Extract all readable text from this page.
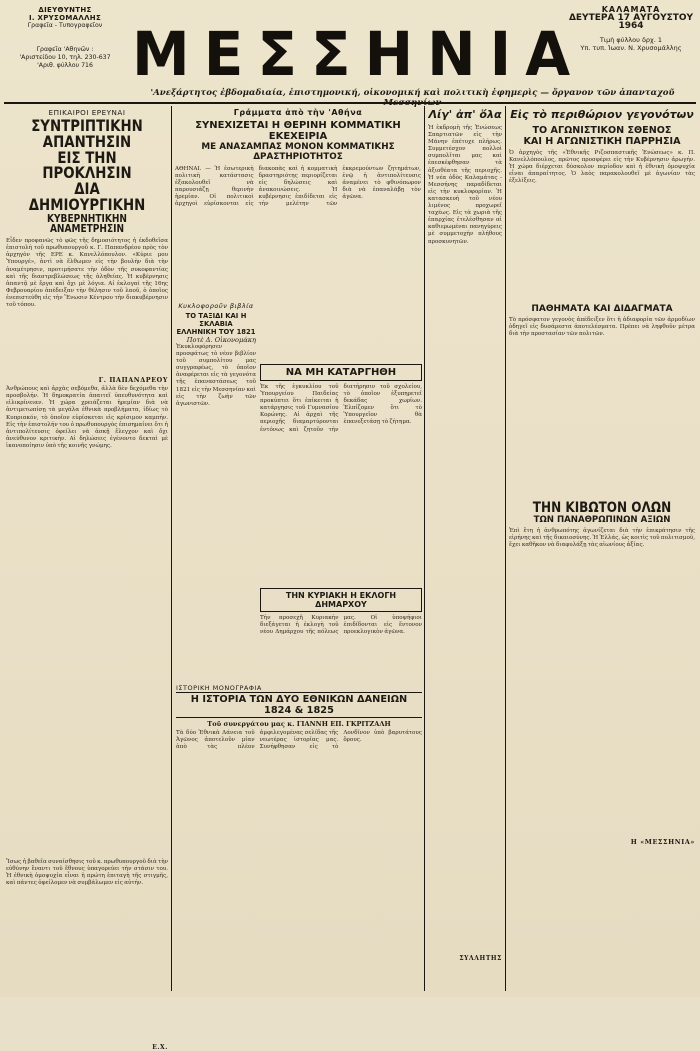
ΔΙΕΥΘΥΝΤΗΣ
Ι. ΧΡΥΣΟΜΑΛΛΗΣ
Γραφεῖα - Τυπογραφεῖον
Γραφεῖα 'Αθηνῶν :
'Αριστείδου 10, τηλ. 230-637
'Αριθ. φύλλου 716 ΜΕΣΣΗΝΙΑ
ΚΑΛΑΜΑΤΑ
ΔΕΥΤΕΡΑ 17 ΑΥΓΟΥΣΤΟΥ
1964
Τιμὴ φύλλου δρχ. 1
Υπ. τυπ. Ἰωαν. Ν. Χρυσομάλλης
'Ανεξάρτητος ἑβδομαδιαία, ἐπιστημονική, οἰκονομική καὶ πολιτικὴ ἐφημερὶς — ὄργανον τῶν ἁπανταχοῦ
ΕΠΙΚΑΙΡΟΙ ΕΡΕΥΝΑΙ
ΣΥΝΤΡΙΠΤΙΚΗΝ ΑΠΑΝΤΗΣΙΝ
ΕΙΣ ΤΗΝ ΠΡΟΚΛΗΣΙΝ
ΔΙΑ ΔΗΜΙΟΥΡΓΙΚΗΝ
ΚΥΒΕΡΝΗΤΙΚΗΝ ΑΝΑΜΕΤΡΗΣΙΝ
Εἶδεν προφανῶς τὸ φῶς τῆς δημοσιότητος ἡ ἐκδοθεῖσα ἐπιστολὴ τοῦ πρωθυπουργοῦ κ. Γ. Παπανδρέου πρὸς τὸν ἀρχηγὸν τῆς ΕΡΕ κ. Κανελλόπουλον. «Κύριε μου Ὑπουργέ», ἀντὶ νὰ ἔλθωμεν εἰς τὴν βουλὴν διὰ τὴν ἀναμέτρησιν, προτιμήσατε τὴν ὁδὸν τῆς συκοφαντίας καὶ τῆς διαστρεβλώσεως τῆς ἀληθείας. Ἡ κυβέρνησις ἀπαντᾷ μὲ ἔργα καὶ ὄχι μὲ λόγια. Αἱ ἐκλογαὶ τῆς 16ης Φεβρουαρίου ἀπέδειξαν τὴν θέλησιν τοῦ λαοῦ, ὁ ὁποῖος ἐνεπιστεύθη εἰς τὴν Ἕνωσιν Κέντρου τὴν διακυβέρνησιν τοῦ τόπου.
Γ. ΠΑΠΑΝΔΡΕΟΥ
Ἀνθρώπους καὶ ἀρχὰς σεβόμεθα, ἀλλὰ δὲν δεχόμεθα τὴν προσβολήν. Ἡ δημοκρατία ἀπαιτεῖ ὑπευθυνότητα καὶ εἰλικρίνειαν. Ἡ χώρα χρειάζεται ἡρεμίαν διὰ νὰ ἀντιμετωπίσῃ τὰ μεγάλα ἐθνικὰ προβλήματα, ἰδίως τὸ Κυπριακόν, τὸ ὁποῖον εὑρίσκεται εἰς κρίσιμον καμπήν. Εἰς τὴν ἐπιστολήν του ὁ πρωθυπουργὸς ἐπισημαίνει ὅτι ἡ ἀντιπολίτευσις ὀφείλει νὰ ἀσκῇ ἔλεγχον καὶ ὄχι ἀνεύθυνον κριτικήν. Αἱ δηλώσεις ἐγένοντο δεκταὶ μὲ ἱκανοποίησιν ὑπὸ τῆς κοινῆς γνώμης.
Ἴσως ἡ βαθεῖα συναίσθησις τοῦ κ. πρωθυπουργοῦ διὰ τὴν εὐθύνην ἔναντι τοῦ ἔθνους ὑπαγορεύει τὴν στάσιν του. Ἡ ἐθνικὴ ὁμοψυχία εἶναι ἡ πρώτη ἐπιταγὴ τῆς στιγμῆς, καὶ πάντες ὀφείλομεν νὰ συμβάλωμεν εἰς αὐτήν.
Ε.Χ.
Γράμματα ἀπὸ τὴν 'Αθήνα
ΣΥΝΕΧΙΖΕΤΑΙ Η ΘΕΡΙΝΗ ΚΟΜΜΑΤΙΚΗ ΕΚΕΧΕΙΡΙΑ
ΜΕ ΑΝΑΣΑΜΠΑΣ ΜΟΝΟΝ ΚΟΜΜΑΤΙΚΗΣ ΔΡΑΣΤΗΡΙΟΤΗΤΟΣ
ΑΘΗΝΑΙ. — Ἡ ἐσωτερικὴ πολιτικὴ κατάστασις ἐξακολουθεῖ νὰ παρουσιάζῃ θερινὴν ἠρεμίαν. Οἱ πολιτικοὶ ἀρχηγοὶ εὑρίσκονται εἰς διακοπὰς καὶ ἡ κομματικὴ δραστηριότης περιορίζεται εἰς δηλώσεις καὶ ἀνακοινώσεις. Ἡ κυβέρνησις ἐπιδίδεται εἰς τὴν μελέτην τῶν ἐκκρεμούντων ζητημάτων, ἐνῷ ἡ ἀντιπολίτευσις ἀναμένει τὸ φθινόπωρον διὰ νὰ ἐπαναλάβῃ τὸν ἀγῶνα.
Κυκλοφοροῦν βιβλία
ΤΟ ΤΑΞΙΔΙ ΚΑΙ Η ΣΚΛΑΒΙΑ
ΕΛΛΗΝΙΚΗ ΤΟΥ 1821
Ποτὲ Δ. Οἰκονομάκη
Ἐκυκλοφόρησεν προσφάτως τὸ νέον βιβλίον τοῦ συμπολίτου μας συγγραφέως, τὸ ὁποῖον ἀναφέρεται εἰς τὰ γεγονότα τῆς ἐπαναστάσεως τοῦ 1821 εἰς τὴν Μεσσηνίαν καὶ εἰς τὴν ζωὴν τῶν ἀγωνιστῶν.
ΝΑ ΜΗ ΚΑΤΑΡΓΗΘΗ
Ἐκ τῆς ἐγκυκλίου τοῦ Ὑπουργείου Παιδείας προκύπτει ὅτι ἐπίκειται ἡ κατάργησις τοῦ Γυμνασίου Κορώνης. Αἱ ἀρχαὶ τῆς περιοχῆς διαμαρτύρονται ἐντόνως καὶ ζητοῦν τὴν διατήρησιν τοῦ σχολείου, τὸ ὁποῖον ἐξυπηρετεῖ δεκάδας χωρίων. Ἐλπίζομεν ὅτι τὸ Ὑπουργεῖον θὰ ἐπανεξετάσῃ τὸ ζήτημα.
ΤΗΝ ΚΥΡΙΑΚΗ Η ΕΚΛΟΓΗ ΔΗΜΑΡΧΟΥ
Τὴν προσεχῆ Κυριακὴν διεξάγεται ἡ ἐκλογὴ τοῦ νέου Δημάρχου τῆς πόλεως μας. Οἱ ὑποψήφιοι ἐπιδίδονται εἰς ἔντονον προεκλογικὸν ἀγῶνα.
ΙΣΤΟΡΙΚΗ ΜΟΝΟΓΡΑΦΙΑ
Η ΙΣΤΟΡΙΑ ΤΩΝ ΔΥΟ ΕΘΝΙΚΩΝ ΔΑΝΕΙΩΝ 1824 & 1825
Τοῦ συνεργάτου μας κ. ΓΙΑΝΝΗ ΕΠ. ΓΚΡΙΤΖΑΛΗ
Τὰ δύο Ἐθνικὰ Δάνεια τοῦ Ἀγῶνος ἀποτελοῦν μίαν ἀπὸ τὰς πλέον ἀμφιλεγομένας σελίδας τῆς νεωτέρας ἱστορίας μας. Συνήφθησαν εἰς τὸ Λονδῖνον ὑπὸ βαρυτάτους ὅρους.
Λίγ' ἀπ' ὅλα
Ἡ ἐκδρομὴ τῆς Ἑνώσεως Σπαρτιατῶν εἰς τὴν Μάνην ἐπέτυχε πλήρως. Συμμετέσχον πολλοὶ συμπολῖται μας καὶ ἐπεσκέφθησαν τὰ ἀξιοθέατα τῆς περιοχῆς. Ἡ νέα ὁδὸς Καλαμάτας - Μεσσήνης παραδίδεται εἰς τὴν κυκλοφορίαν. Ἡ κατασκευὴ τοῦ νέου λιμένος προχωρεῖ ταχέως. Εἰς τὰ χωριὰ τῆς ἐπαρχίας ἐτελέσθησαν αἱ καθιερωμέναι πανηγύρεις μὲ συμμετοχὴν πλήθους προσκυνητῶν.
ΣΥΛΛΗΤΗΣ
Εἰς τὸ περιθώριον γεγονότων
ΤΟ ΑΓΩΝΙΣΤΙΚΟΝ ΣΘΕΝΟΣ
ΚΑΙ Η ΑΓΩΝΙΣΤΙΚΗ ΠΑΡΡΗΣΙΑ
Ὁ ἀρχηγὸς τῆς «Ἐθνικῆς Ριζοσπαστικῆς Ἑνώσεως» κ. Π. Κανελλόπουλος, πρῶτος προσφέρει εἰς τὴν Κυβέρνησιν ἀρωγήν. Ἡ χώρα διέρχεται δύσκολον περίοδον καὶ ἡ ἐθνικὴ ὁμοψυχία εἶναι ἀπαραίτητος. Ὁ λαὸς παρακολουθεῖ μὲ ἀγωνίαν τὰς ἐξελίξεις.
ΠΑΘΗΜΑΤΑ ΚΑΙ ΔΙΔΑΓΜΑΤΑ
Τὸ πρόσφατον γεγονὸς ἀπέδειξεν ὅτι ἡ ἀδιαφορία τῶν ἁρμοδίων ὁδηγεῖ εἰς δυσάρεστα ἀποτελέσματα. Πρέπει νὰ ληφθοῦν μέτρα διὰ τὴν προστασίαν τῶν πολιτῶν.
ΤΗΝ ΚΙΒΩΤΟΝ ΟΛΩΝ
ΤΩΝ ΠΑΝΑΘΡΩΠΙΝΩΝ ΑΞΙΩΝ
Ἐπὶ ἔτη ἡ ἀνθρωπότης ἀγωνίζεται διὰ τὴν ἐπικράτησιν τῆς εἰρήνης καὶ τῆς δικαιοσύνης. Ἡ Ἑλλάς, ὡς κοιτὶς τοῦ πολιτισμοῦ, ἔχει καθῆκον νὰ διαφυλάξῃ τὰς αἰωνίους ἀξίας.
Η «ΜΕΣΣΗΝΙΑ»
